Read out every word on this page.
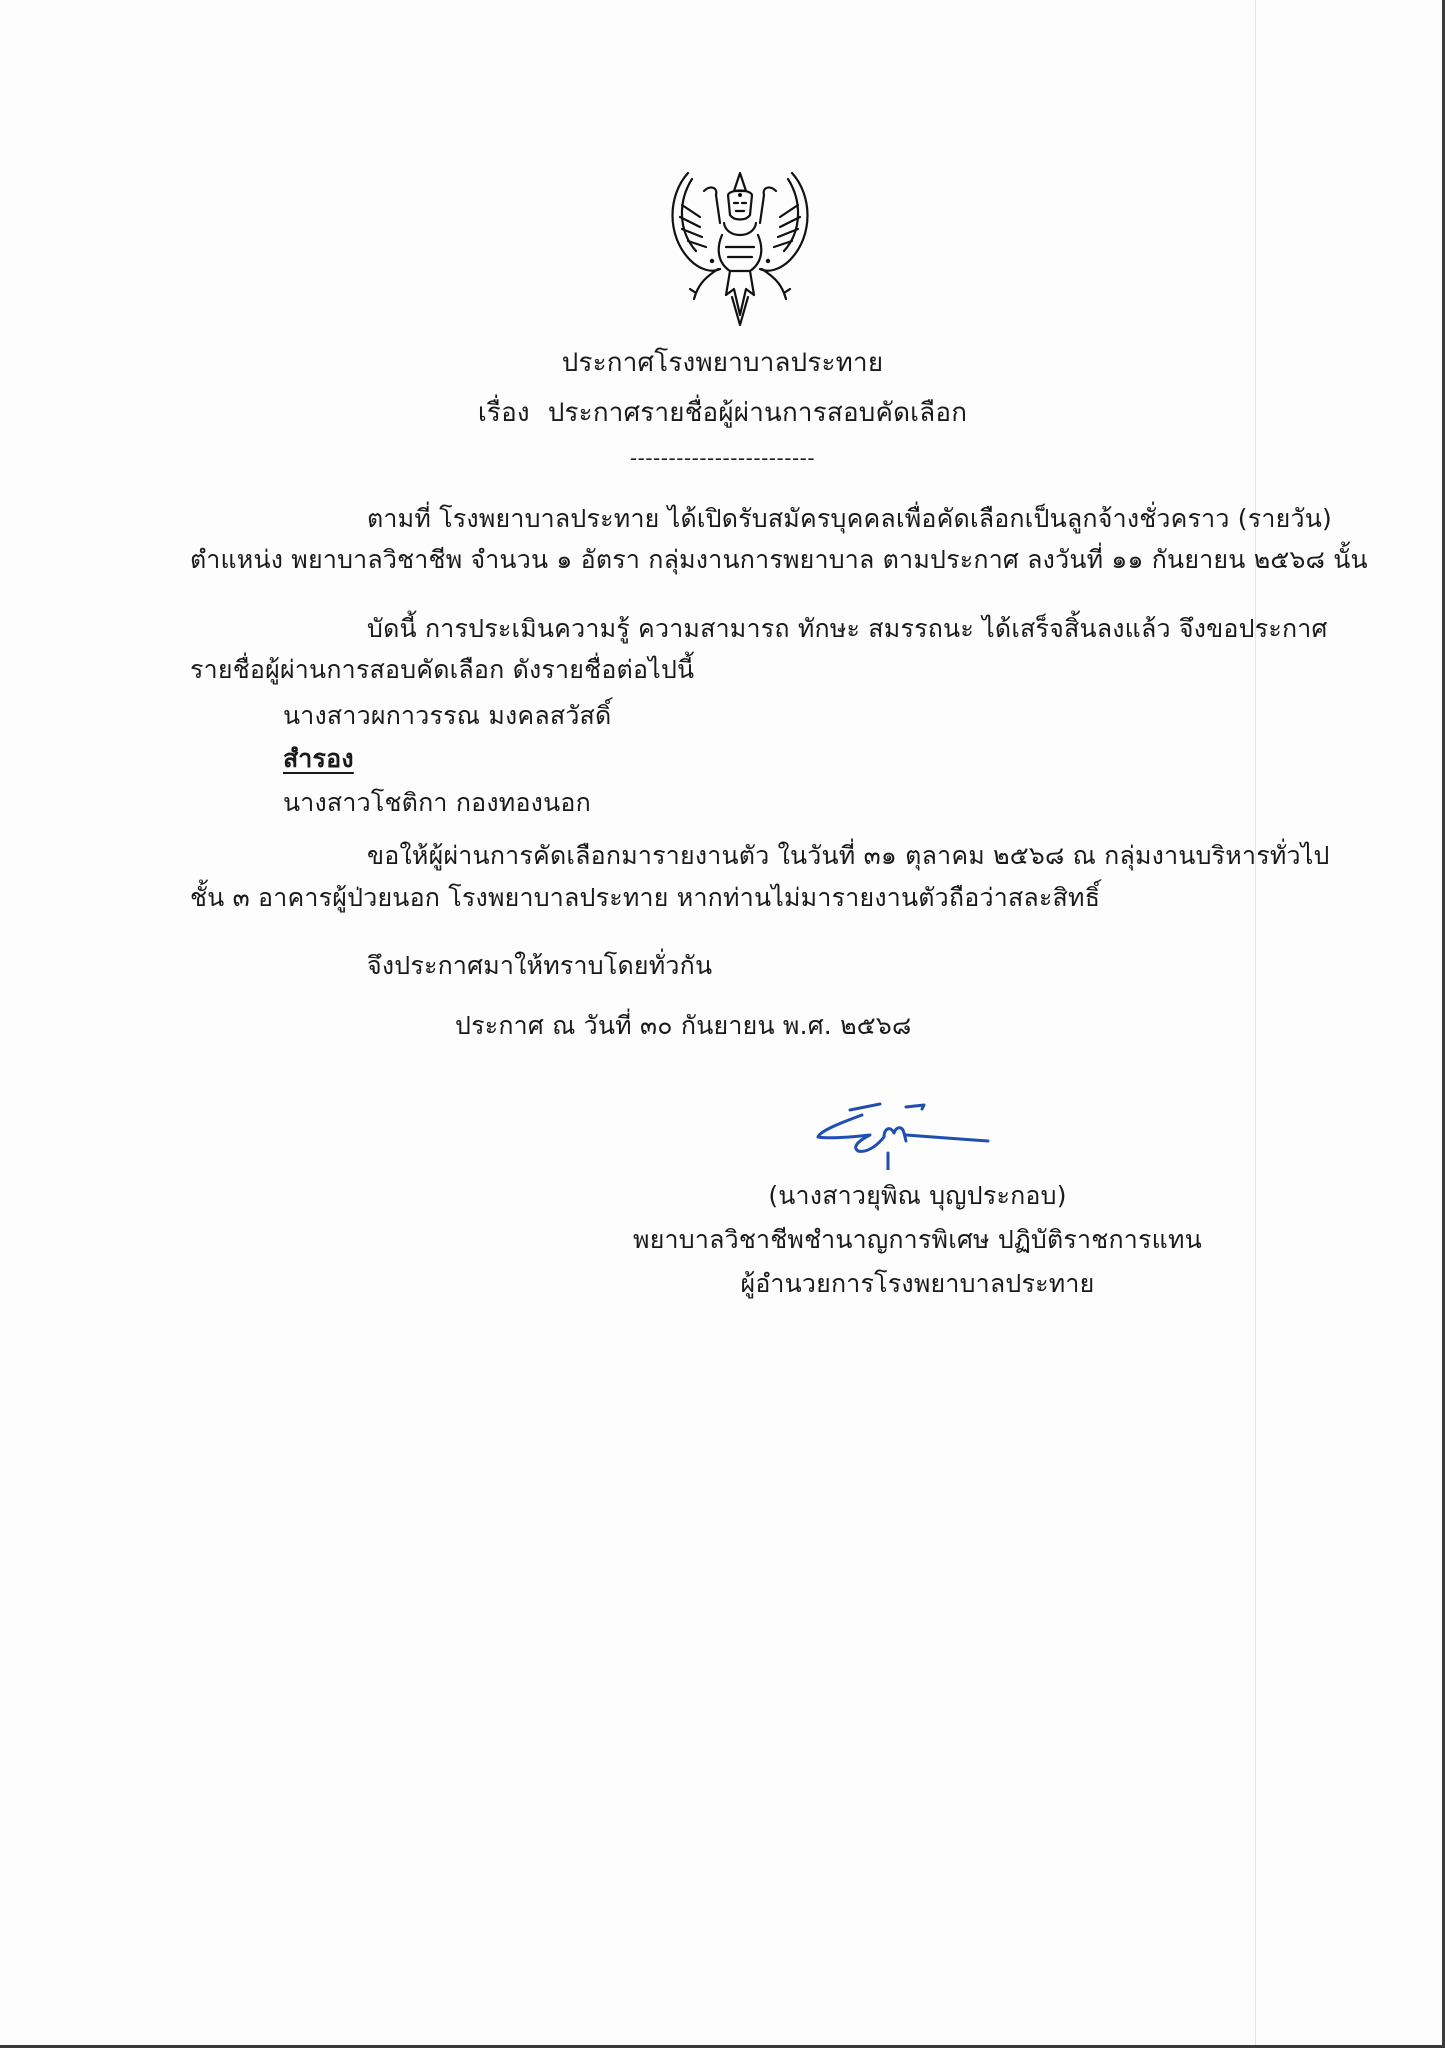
ประกาศโรงพยาบาลประทาย
เรื่อง ประกาศรายชื่อผู้ผ่านการสอบคัดเลือก
------------------------
ตามที่ โรงพยาบาลประทาย ได้เปิดรับสมัครบุคคลเพื่อคัดเลือกเป็นลูกจ้างชั่วคราว (รายวัน)
ตำแหน่ง พยาบาลวิชาชีพ จำนวน ๑ อัตรา กลุ่มงานการพยาบาล ตามประกาศ ลงวันที่ ๑๑ กันยายน ๒๕๖๘ นั้น
บัดนี้ การประเมินความรู้ ความสามารถ ทักษะ สมรรถนะ ได้เสร็จสิ้นลงแล้ว จึงขอประกาศ
รายชื่อผู้ผ่านการสอบคัดเลือก ดังรายชื่อต่อไปนี้
นางสาวผกาวรรณ มงคลสวัสดิ์
สำรอง
นางสาวโชติกา กองทองนอก
ขอให้ผู้ผ่านการคัดเลือกมารายงานตัว ในวันที่ ๓๑ ตุลาคม ๒๕๖๘ ณ กลุ่มงานบริหารทั่วไป
ชั้น ๓ อาคารผู้ป่วยนอก โรงพยาบาลประทาย หากท่านไม่มารายงานตัวถือว่าสละสิทธิ์
จึงประกาศมาให้ทราบโดยทั่วกัน
ประกาศ ณ วันที่ ๓๐ กันยายน พ.ศ. ๒๕๖๘
(นางสาวยุพิณ บุญประกอบ)
พยาบาลวิชาชีพชำนาญการพิเศษ ปฏิบัติราชการแทน
ผู้อำนวยการโรงพยาบาลประทาย
